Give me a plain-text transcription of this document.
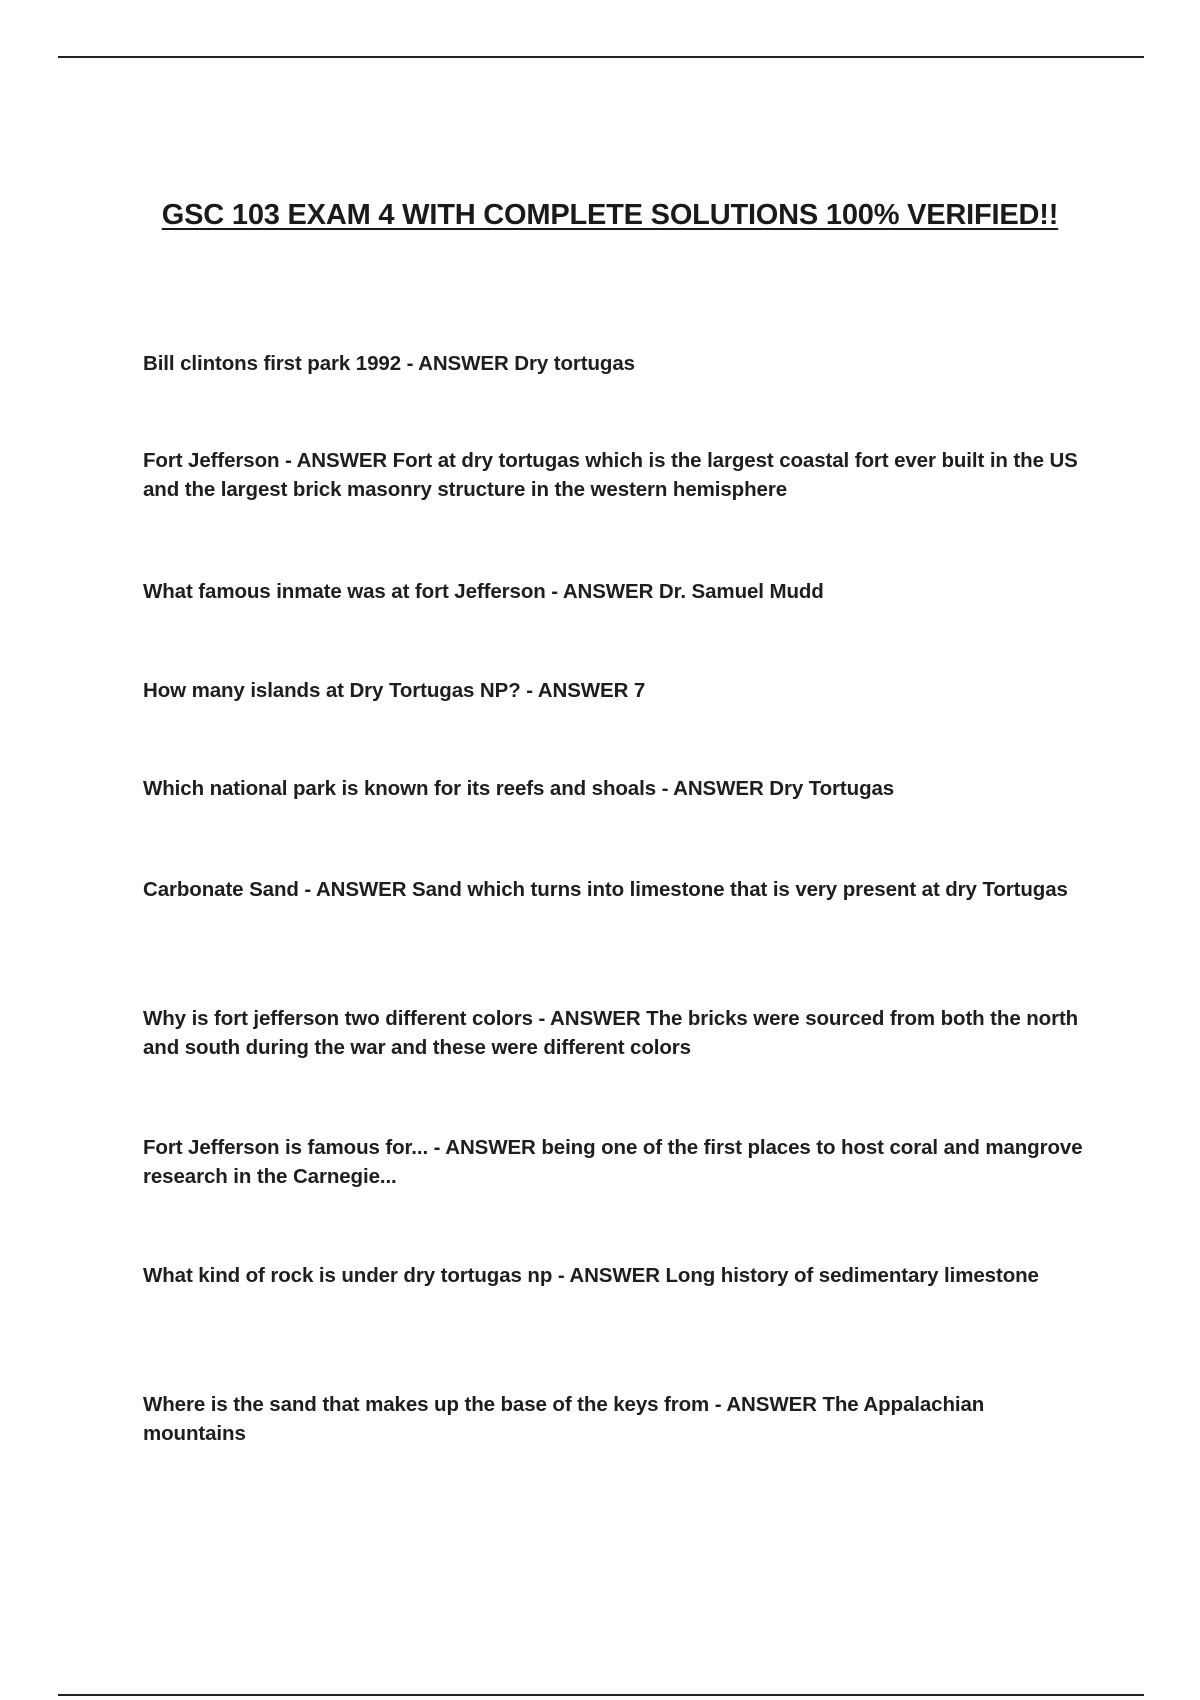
GSC 103 EXAM 4 WITH COMPLETE SOLUTIONS 100% VERIFIED!!
Bill clintons first park 1992 - ANSWER Dry tortugas
Fort Jefferson - ANSWER Fort at dry tortugas which is the largest coastal fort ever built in the US and the largest brick masonry structure in the western hemisphere
What famous inmate was at fort Jefferson - ANSWER Dr. Samuel Mudd
How many islands at Dry Tortugas NP? - ANSWER 7
Which national park is known for its reefs and shoals - ANSWER Dry Tortugas
Carbonate Sand - ANSWER Sand which turns into limestone that is very present at dry Tortugas
Why is fort jefferson two different colors - ANSWER The bricks were sourced from both the north and south during the war and these were different colors
Fort Jefferson is famous for... - ANSWER being one of the first places to host coral and mangrove research in the Carnegie...
What kind of rock is under dry tortugas np - ANSWER Long history of sedimentary limestone
Where is the sand that makes up the base of the keys from - ANSWER The Appalachian mountains
